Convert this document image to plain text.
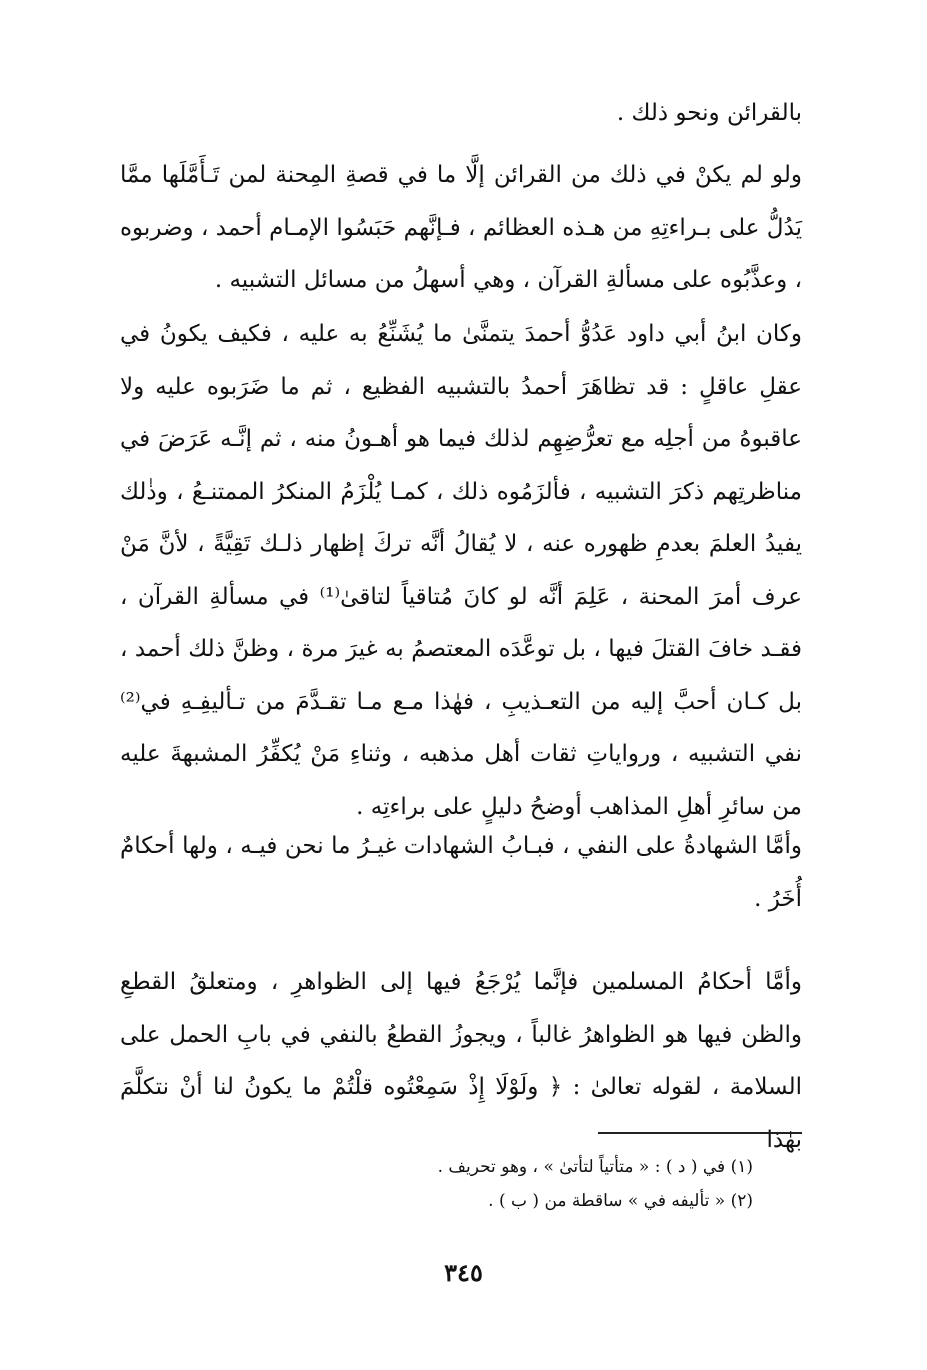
بالقرائن ونحو ذلك .

ولو لم يكنْ في ذلك من القرائن إلَّا ما في قصةِ المِحنة لمن تَـأَمَّلَها ممَّا يَدُلُّ على بـراءتِهِ من هـذه العظائم ، فـإنَّهم حَبَسُوا الإمـام أحمد ، وضربوه ، وعذَّبُوه على مسألةِ القرآن ، وهي أسهلُ من مسائل التشبيه .

وكان ابنُ أبي داود عَدُوُّ أحمدَ يتمنَّىٰ ما يُشَنِّعُ به عليه ، فكيف يكونُ في عقلِ عاقلٍ : قد تظاهَرَ أحمدُ بالتشبيه الفظيع ، ثم ما ضَرَبوه عليه ولا عاقبوهُ من أجلِه مع تعرُّضِهِم لذلك فيما هو أهـونُ منه ، ثم إنَّـه عَرَضَ في مناظرتِهم ذكرَ التشبيه ، فألزَمُوه ذلك ، كمـا يُلْزَمُ المنكرُ الممتنـعُ ، وذٰلك يفيدُ العلمَ بعدمِ ظهوره عنه ، لا يُقالُ أنَّه تركَ إظهار ذلـك تَقِيَّةً ، لأنَّ مَنْ عرف أمرَ المحنة ، عَلِمَ أنَّه لو كانَ مُتاقياً لتاقىٰ⁽¹⁾ في مسألةِ القرآن ، فقـد خافَ القتلَ فيها ، بل توعَّدَه المعتصمُ به غيرَ مرة ، وظنَّ ذلك أحمد ، بل كـان أحبَّ إليه من التعـذيبِ ، فهٰذا مـع مـا تقـدَّمَ من تـأليفِـهِ في⁽²⁾ نفي التشبيه ، ورواياتِ ثقات أهل مذهبه ، وثناءِ مَنْ يُكفِّرُ المشبهةَ عليه من سائرِ أهلِ المذاهب أوضحُ دليلٍ على براءتِه .

وأمَّا الشهادةُ على النفي ، فبـابُ الشهادات غيـرُ ما نحن فيـه ، ولها أحكامٌ أُخَرُ .

وأمَّا أحكامُ المسلمين فإنَّما يُرْجَعُ فيها إلى الظواهرِ ، ومتعلقُ القطعِ والظن فيها هو الظواهرُ غالباً ، ويجوزُ القطعُ بالنفي في بابِ الحمل على السلامة ، لقوله تعالىٰ : ﴿ ولَوْلَا إِذْ سَمِعْتُوه قلْتُمْ ما يكونُ لنا أنْ نتكلَّمَ بهٰذا

(١) في ( د ) : « متأتياً لتأتىٰ » ، وهو تحريف .

(٢) « تأليفه في » ساقطة من ( ب ) .

٣٤٥
